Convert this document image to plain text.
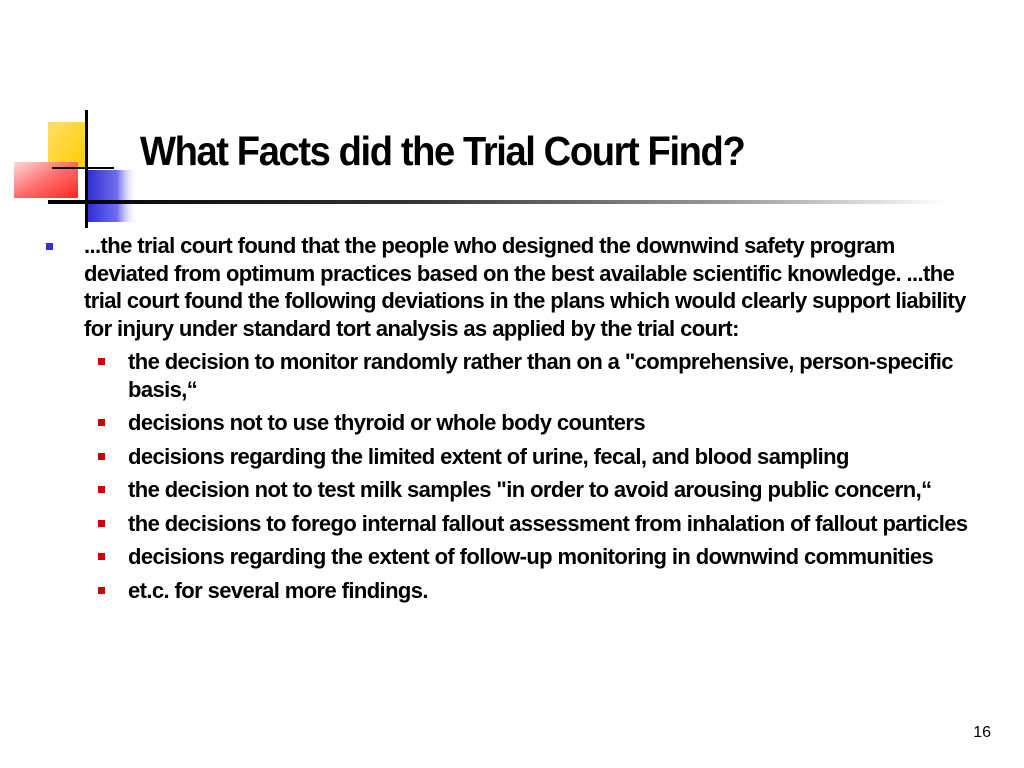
What Facts did the Trial Court Find?
...the trial court found that the people who designed the downwind safety program deviated from optimum practices based on the best available scientific knowledge. ...the trial court found the following deviations in the plans which would clearly support liability for injury under standard tort analysis as applied by the trial court:
the decision to monitor randomly rather than on a "comprehensive, person-specific basis,“
decisions not to use thyroid or whole body counters
decisions regarding the limited extent of urine, fecal, and blood sampling
the decision not to test milk samples "in order to avoid arousing public concern,“
the decisions to forego internal fallout assessment from inhalation of fallout particles
decisions regarding the extent of follow-up monitoring in downwind communities
et.c. for several more findings.
16
